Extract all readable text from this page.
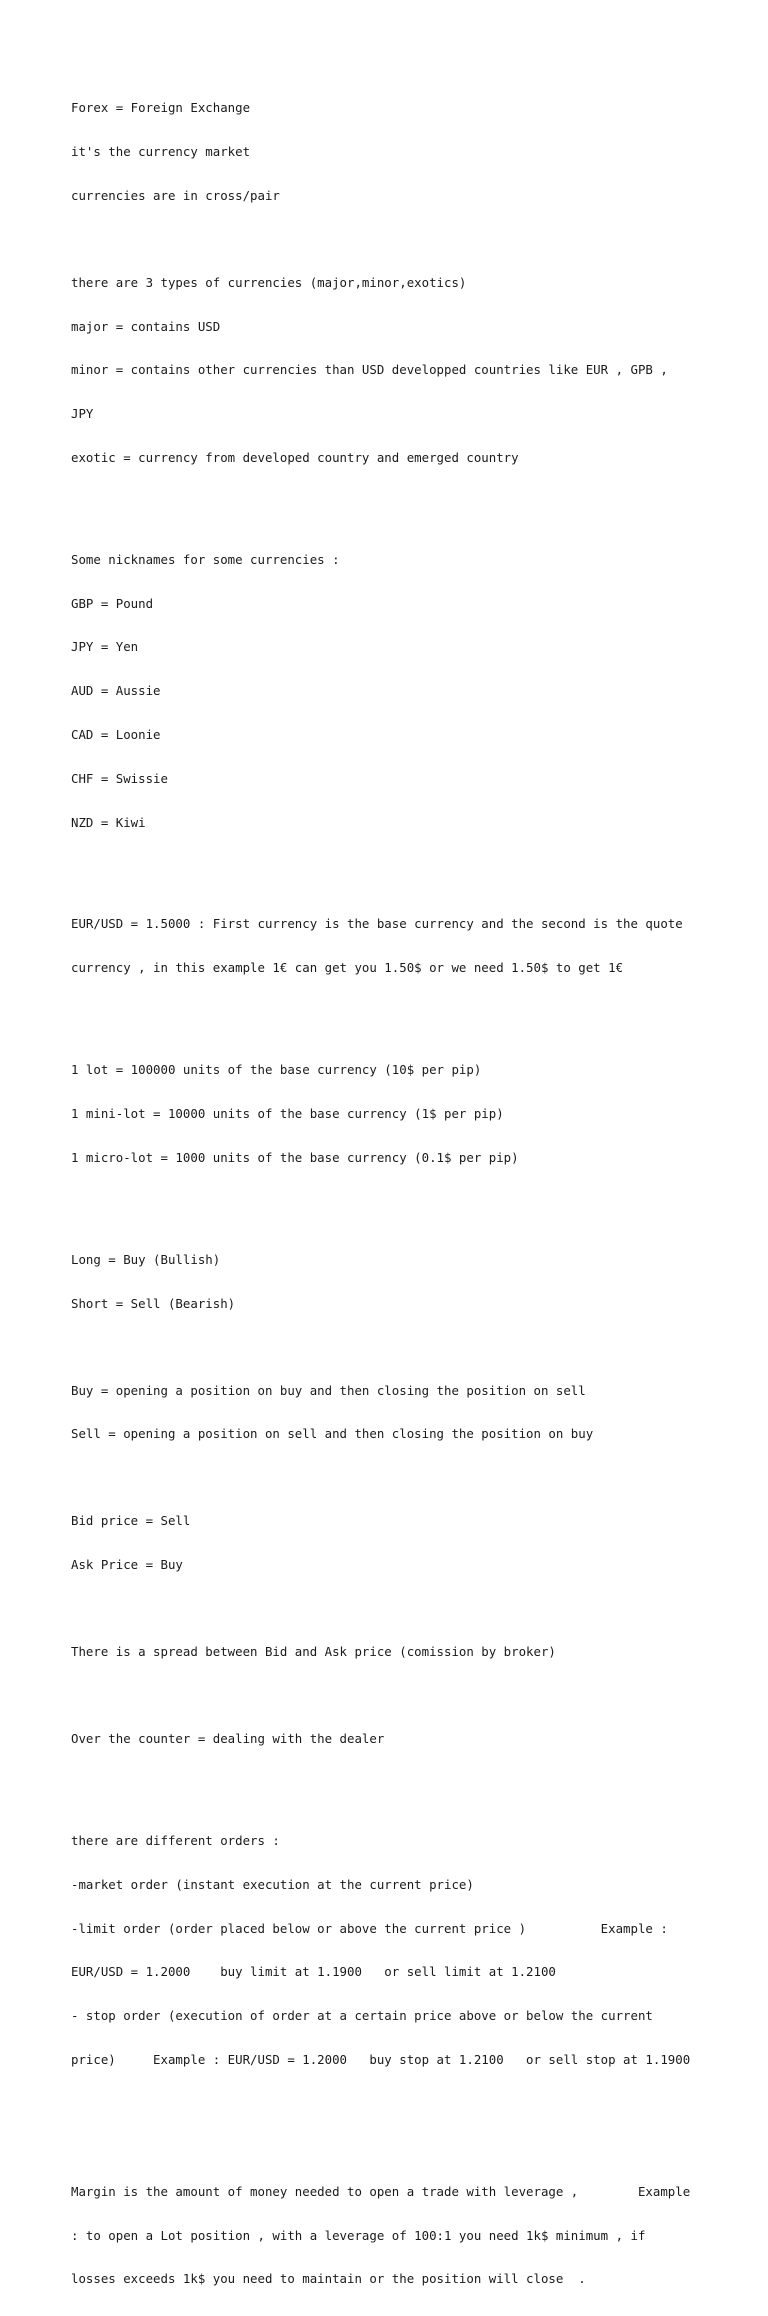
Forex = Foreign Exchange

it's the currency market

currencies are in cross/pair

there are 3 types of currencies (major,minor,exotics)

major = contains USD

minor = contains other currencies than USD developped countries like EUR , GPB ,

JPY

exotic = currency from developed country and emerged country

Some nicknames for some currencies :

GBP = Pound

JPY = Yen

AUD = Aussie

CAD = Loonie

CHF = Swissie

NZD = Kiwi

EUR/USD = 1.5000 : First currency is the base currency and the second is the quote

currency , in this example 1€ can get you 1.50$ or we need 1.50$ to get 1€

1 lot = 100000 units of the base currency (10$ per pip)

1 mini-lot = 10000 units of the base currency (1$ per pip)

1 micro-lot = 1000 units of the base currency (0.1$ per pip)

Long = Buy (Bullish)

Short = Sell (Bearish)

Buy = opening a position on buy and then closing the position on sell

Sell = opening a position on sell and then closing the position on buy

Bid price = Sell

Ask Price = Buy

There is a spread between Bid and Ask price (comission by broker)

Over the counter = dealing with the dealer

there are different orders :

-market order (instant execution at the current price)

-limit order (order placed below or above the current price )          Example :

EUR/USD = 1.2000    buy limit at 1.1900   or sell limit at 1.2100

- stop order (execution of order at a certain price above or below the current

price)     Example : EUR/USD = 1.2000   buy stop at 1.2100   or sell stop at 1.1900

Margin is the amount of money needed to open a trade with leverage ,        Example

: to open a Lot position , with a leverage of 100:1 you need 1k$ minimum , if

losses exceeds 1k$ you need to maintain or the position will close  .
